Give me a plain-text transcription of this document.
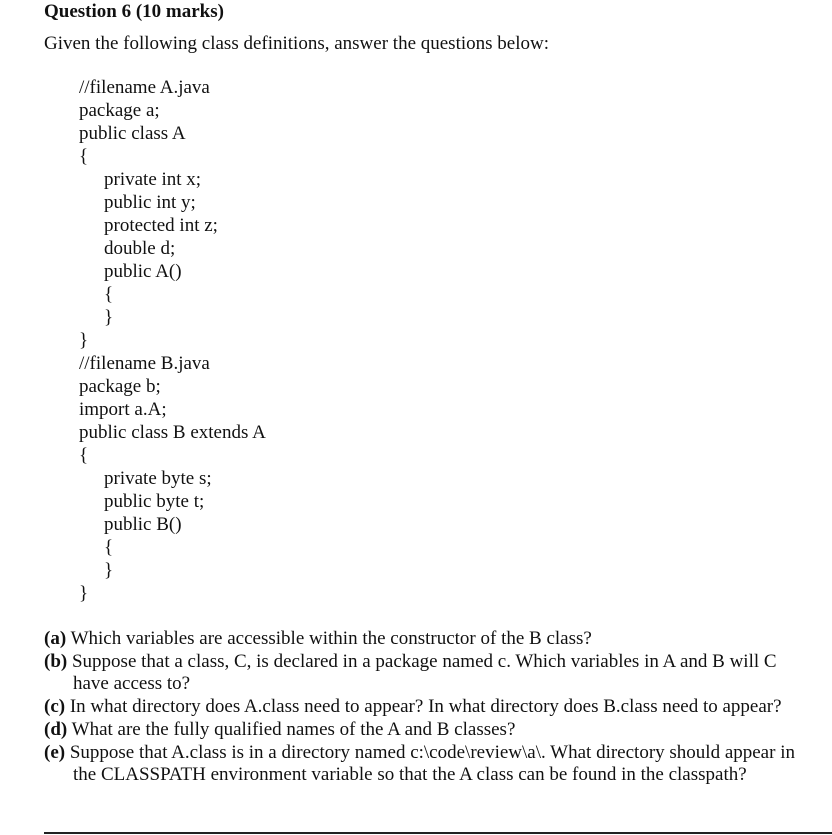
Question 6 (10 marks)
Given the following class definitions, answer the questions below:
//filename A.java
package a;
public class A
{
private int x;
public int y;
protected int z;
double d;
public A()
{
}
}
//filename B.java
package b;
import a.A;
public class B extends A
{
private byte s;
public byte t;
public B()
{
}
}
(a) Which variables are accessible within the constructor of the B class?
(b) Suppose that a class, C, is declared in a package named c. Which variables in A and B will C have access to?
(c) In what directory does A.class need to appear? In what directory does B.class need to appear?
(d) What are the fully qualified names of the A and B classes?
(e) Suppose that A.class is in a directory named c:\code\review\a\. What directory should appear in the CLASSPATH environment variable so that the A class can be found in the classpath?
